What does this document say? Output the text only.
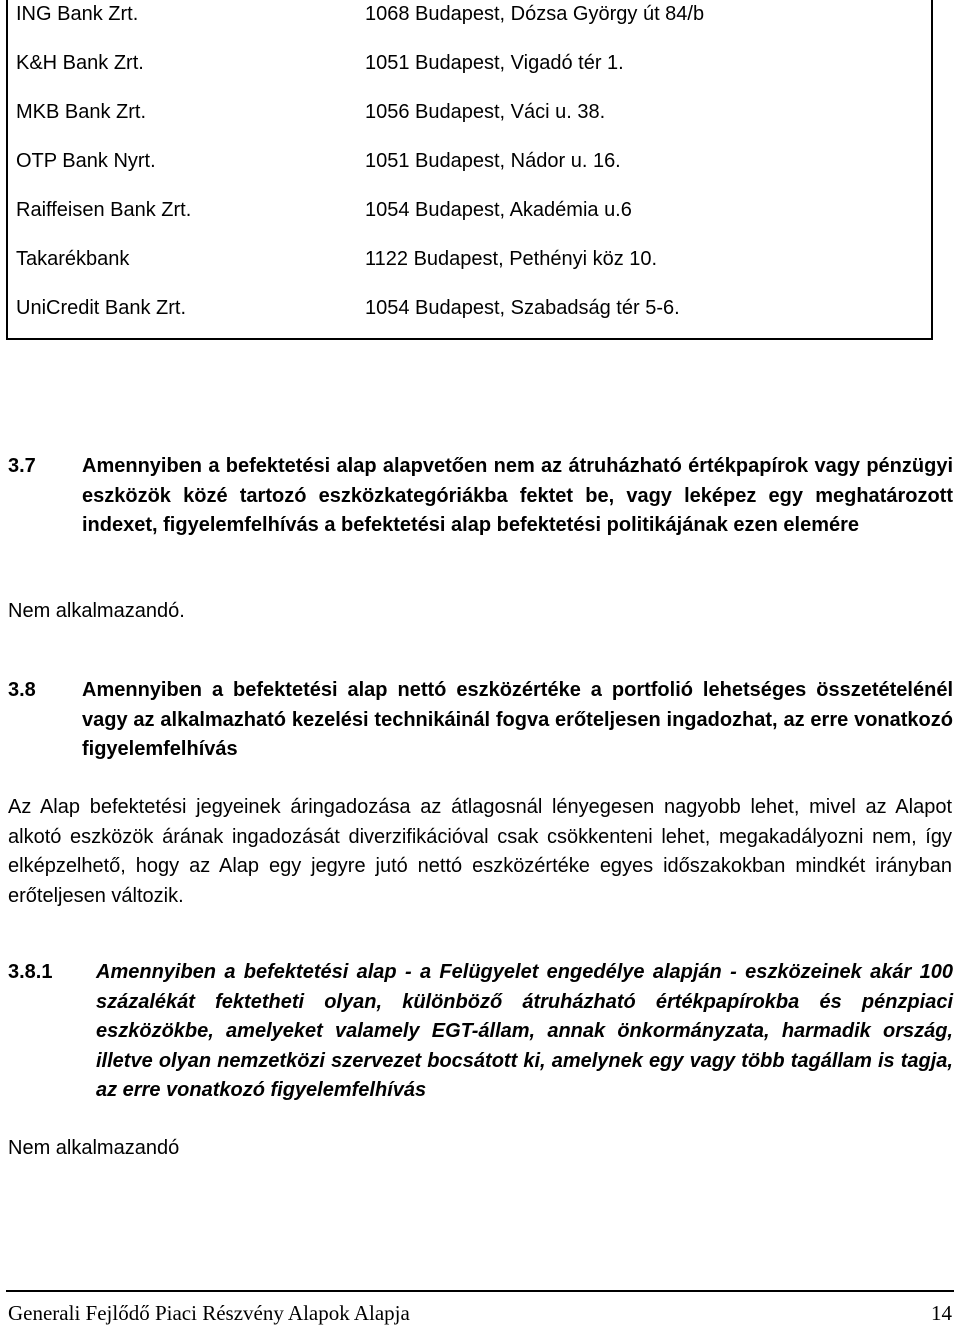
ING Bank Zrt.	1068 Budapest, Dózsa György út 84/b
K&H Bank Zrt.	1051 Budapest, Vigadó tér 1.
MKB Bank Zrt.	1056 Budapest, Váci u. 38.
OTP Bank Nyrt.	1051 Budapest, Nádor u. 16.
Raiffeisen Bank Zrt.	1054 Budapest, Akadémia u.6
Takarékbank	1122 Budapest, Pethényi köz 10.
UniCredit Bank Zrt.	1054 Budapest, Szabadság tér 5-6.
3.7 Amennyiben a befektetési alap alapvetően nem az átruházható értékpapírok vagy pénzügyi eszközök közé tartozó eszközkategóriákba fektet be, vagy leképez egy meghatározott indexet, figyelemfelhívás a befektetési alap befektetési politikájának ezen elemére
Nem alkalmazandó.
3.8 Amennyiben a befektetési alap nettó eszközértéke a portfolió lehetséges összetételénél vagy az alkalmazható kezelési technikáinál fogva erőteljesen ingadozhat, az erre vonatkozó figyelemfelhívás
Az Alap befektetési jegyeinek áringadozása az átlagosnál lényegesen nagyobb lehet, mivel az Alapot alkotó eszközök árának ingadozását diverzifikációval csak csökkenteni lehet, megakadályozni nem, így elképzelhető, hogy az Alap egy jegyre jutó nettó eszközértéke egyes időszakokban mindkét irányban erőteljesen változik.
3.8.1 Amennyiben a befektetési alap - a Felügyelet engedélye alapján - eszközeinek akár 100 százalékát fektetheti olyan, különböző átruházható értékpapírokba és pénzpiaci eszközökbe, amelyeket valamely EGT-állam, annak önkormányzata, harmadik ország, illetve olyan nemzetközi szervezet bocsátott ki, amelynek egy vagy több tagállam is tagja, az erre vonatkozó figyelemfelhívás
Nem alkalmazandó
Generali Fejlődő Piaci Részvény Alapok Alapja	14
